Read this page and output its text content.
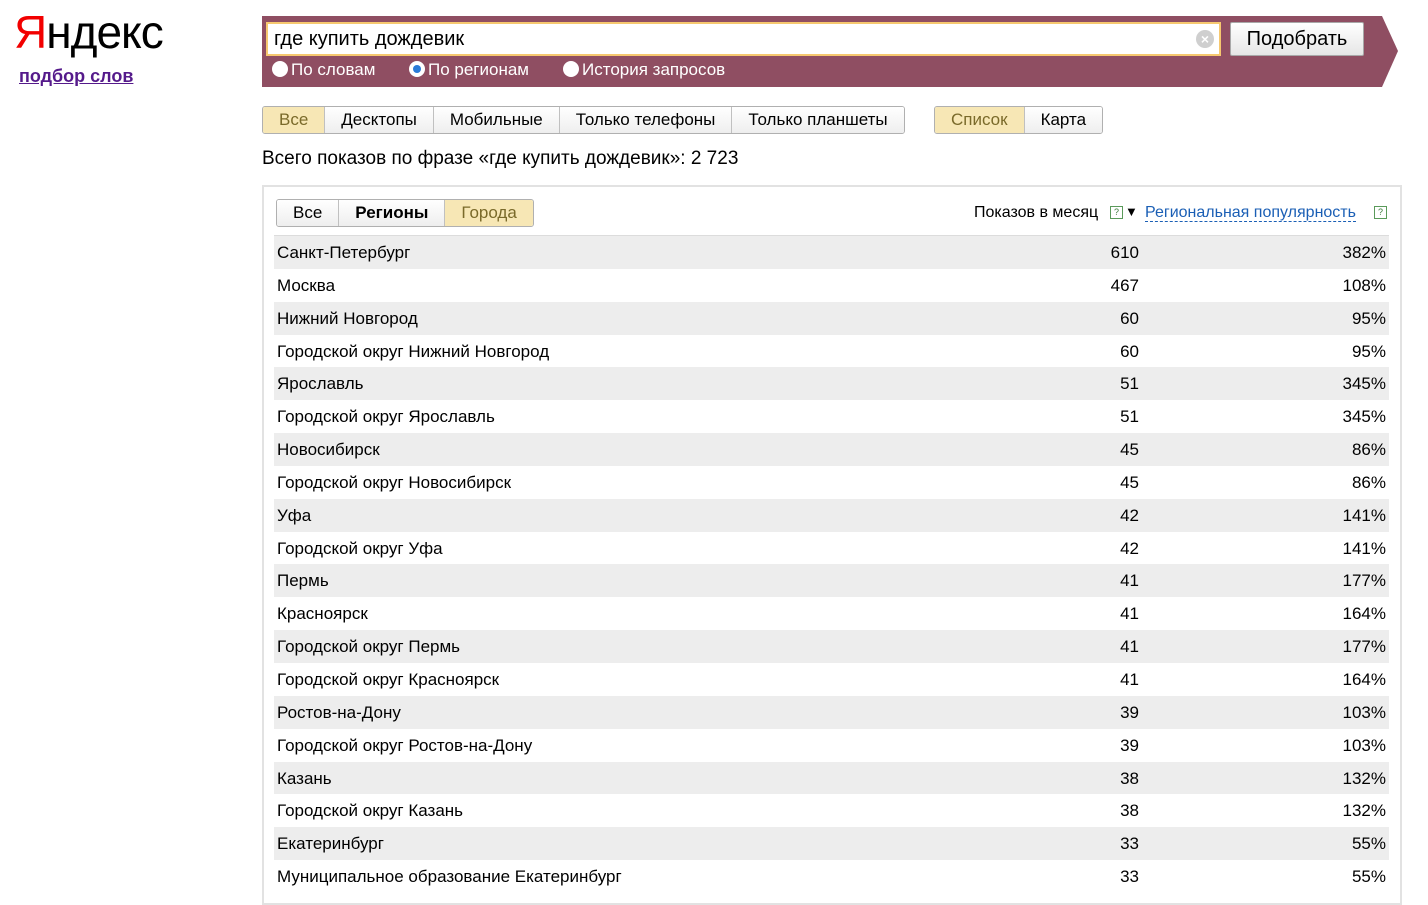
Яндекс
подбор слов
где купить дождевик	×	Подобрать
По словам	По регионам	История запросов
Все	Десктопы	Мобильные	Только телефоны	Только планшеты	Список	Карта
Всего показов по фразе «где купить дождевик»: 2 723
Все	Регионы	Города	Показов в месяц	? ▼ Региональная популярность	?
Санкт-Петербург	610	382%
Москва	467	108%
Нижний Новгород	60	95%
Городской округ Нижний Новгород	60	95%
Ярославль	51	345%
Городской округ Ярославль	51	345%
Новосибирск	45	86%
Городской округ Новосибирск	45	86%
Уфа	42	141%
Городской округ Уфа	42	141%
Пермь	41	177%
Красноярск	41	164%
Городской округ Пермь	41	177%
Городской округ Красноярск	41	164%
Ростов-на-Дону	39	103%
Городской округ Ростов-на-Дону	39	103%
Казань	38	132%
Городской округ Казань	38	132%
Екатеринбург	33	55%
Муниципальное образование Екатеринбург	33	55%
